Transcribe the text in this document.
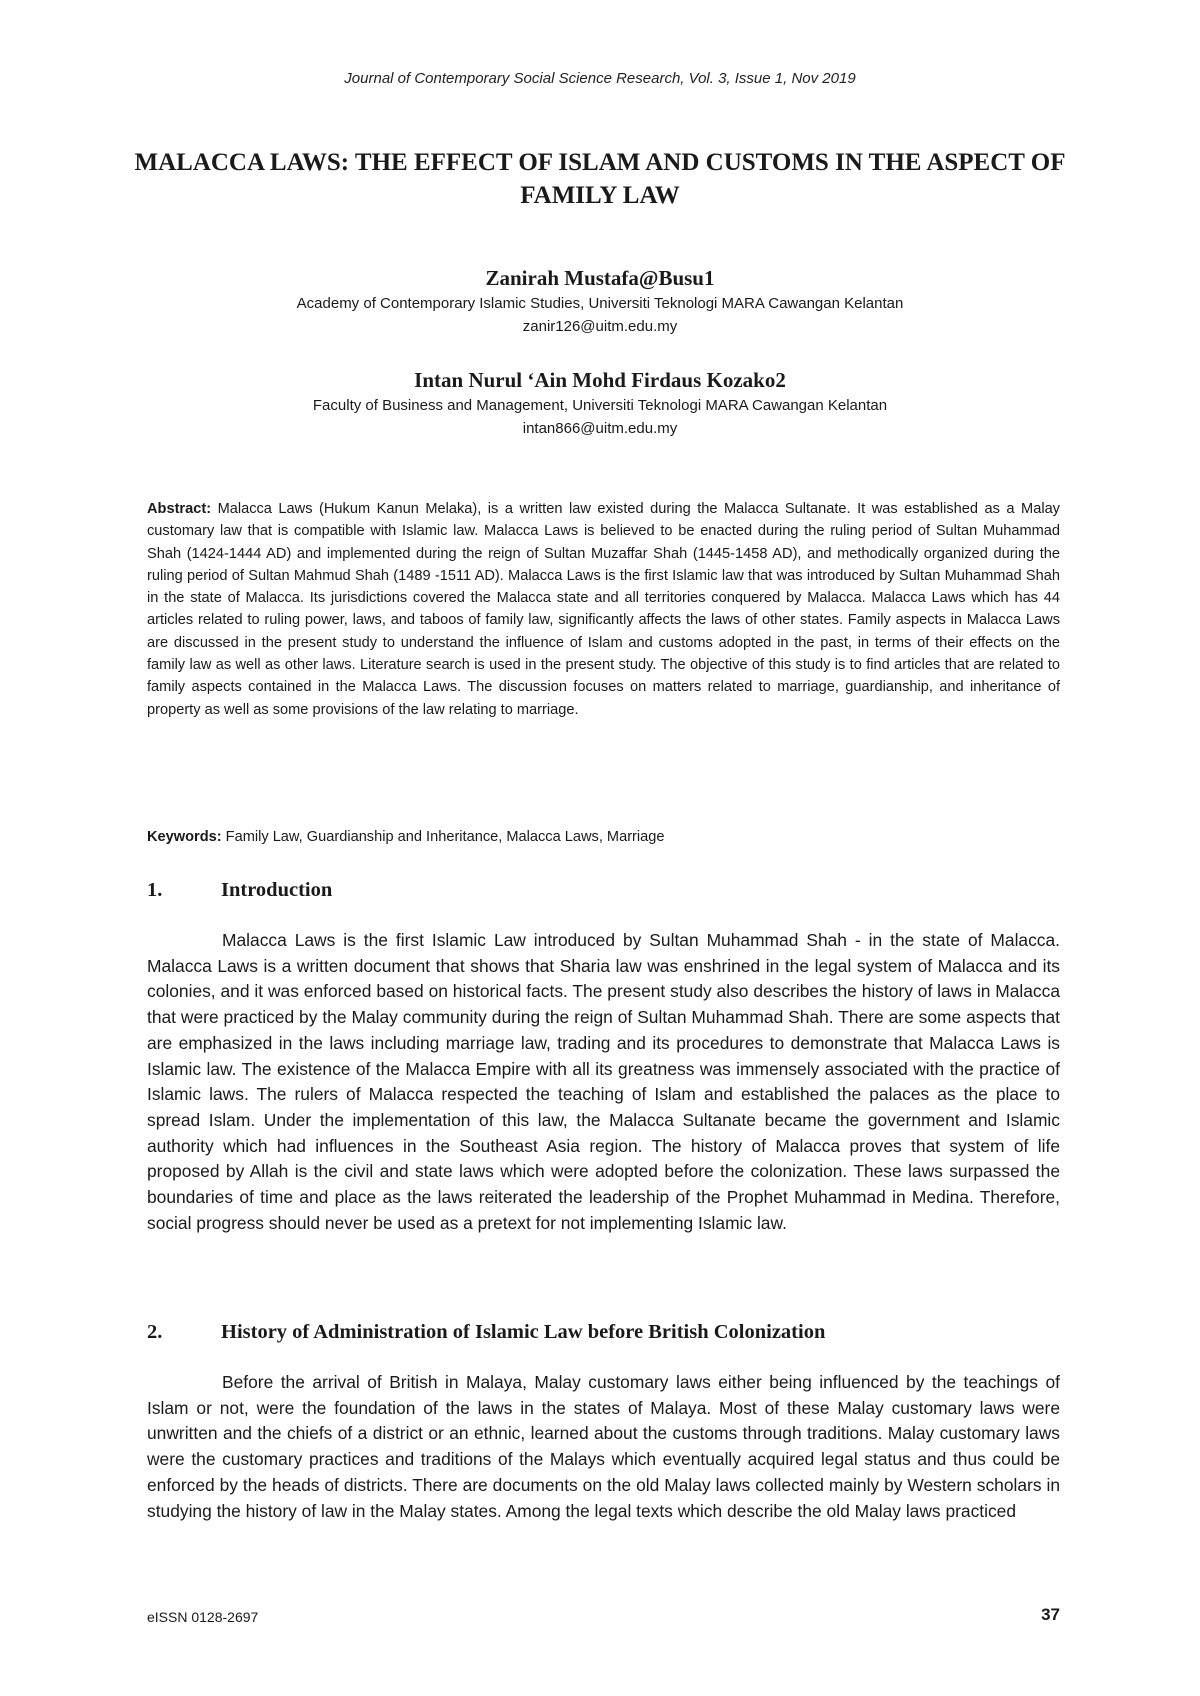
Journal of Contemporary Social Science Research, Vol. 3, Issue 1, Nov 2019
MALACCA LAWS: THE EFFECT OF ISLAM AND CUSTOMS IN THE ASPECT OF FAMILY LAW
Zanirah Mustafa@Busu1
Academy of Contemporary Islamic Studies, Universiti Teknologi MARA Cawangan Kelantan
zanir126@uitm.edu.my
Intan Nurul ‘Ain Mohd Firdaus Kozako2
Faculty of Business and Management, Universiti Teknologi MARA Cawangan Kelantan
intan866@uitm.edu.my

Abstract: Malacca Laws (Hukum Kanun Melaka), is a written law existed during the Malacca Sultanate. It was established as a Malay customary law that is compatible with Islamic law. Malacca Laws is believed to be enacted during the ruling period of Sultan Muhammad Shah (1424-1444 AD) and implemented during the reign of Sultan Muzaffar Shah (1445-1458 AD), and methodically organized during the ruling period of Sultan Mahmud Shah (1489 -1511 AD). Malacca Laws is the first Islamic law that was introduced by Sultan Muhammad Shah in the state of Malacca. Its jurisdictions covered the Malacca state and all territories conquered by Malacca. Malacca Laws which has 44 articles related to ruling power, laws, and taboos of family law, significantly affects the laws of other states. Family aspects in Malacca Laws are discussed in the present study to understand the influence of Islam and customs adopted in the past, in terms of their effects on the family law as well as other laws. Literature search is used in the present study. The objective of this study is to find articles that are related to family aspects contained in the Malacca Laws. The discussion focuses on matters related to marriage, guardianship, and inheritance of property as well as some provisions of the law relating to marriage.

Keywords: Family Law, Guardianship and Inheritance, Malacca Laws, Marriage

1.	Introduction

Malacca Laws is the first Islamic Law introduced by Sultan Muhammad Shah - in the state of Malacca. Malacca Laws is a written document that shows that Sharia law was enshrined in the legal system of Malacca and its colonies, and it was enforced based on historical facts. The present study also describes the history of laws in Malacca that were practiced by the Malay community during the reign of Sultan Muhammad Shah. There are some aspects that are emphasized in the laws including marriage law, trading and its procedures to demonstrate that Malacca Laws is Islamic law. The existence of the Malacca Empire with all its greatness was immensely associated with the practice of Islamic laws. The rulers of Malacca respected the teaching of Islam and established the palaces as the place to spread Islam. Under the implementation of this law, the Malacca Sultanate became the government and Islamic authority which had influences in the Southeast Asia region. The history of Malacca proves that system of life proposed by Allah is the civil and state laws which were adopted before the colonization. These laws surpassed the boundaries of time and place as the laws reiterated the leadership of the Prophet Muhammad in Medina. Therefore, social progress should never be used as a pretext for not implementing Islamic law.

2.	History of Administration of Islamic Law before British Colonization

Before the arrival of British in Malaya, Malay customary laws either being influenced by the teachings of Islam or not, were the foundation of the laws in the states of Malaya. Most of these Malay customary laws were unwritten and the chiefs of a district or an ethnic, learned about the customs through traditions. Malay customary laws were the customary practices and traditions of the Malays which eventually acquired legal status and thus could be enforced by the heads of districts. There are documents on the old Malay laws collected mainly by Western scholars in studying the history of law in the Malay states. Among the legal texts which describe the old Malay laws practiced

eISSN 0128-2697	37
